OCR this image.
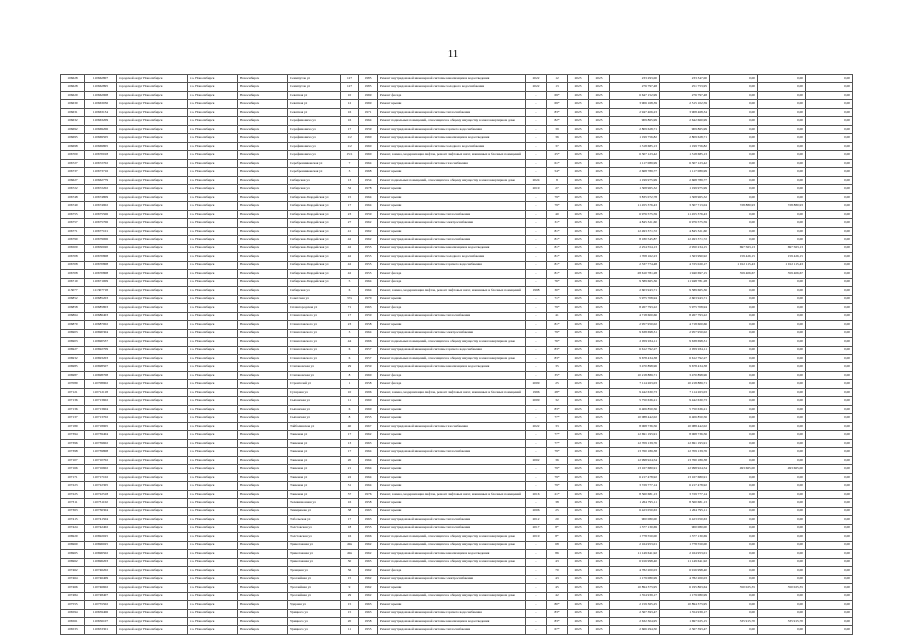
11
106628	110662807	городской округ Новосибирск	г.о. Новосибирск	Новосибирск	Семипутов ул	127	1985	Ремонт внутридомовой инженерной системы канализации и водоотведения	2022	12	2023	2025	233 293,00	233 347,00	0,00	0,00	0,00
106628	110662895	городской округ Новосибирск	г.о. Новосибирск	Новосибирск	Семипутов ул	127	1985	Ремонт внутридомовой инженерной системы холодного водоснабжения	2022	13	2023	2025	276 797,48	251 753,95	0,00	0,00	0,00
106629	110662908	городской округ Новосибирск	г.о. Новосибирск	Новосибирск	Севатная ул	10	1969	Ремонт фасада	-	69*	2023	2025	6 647 152,99	276 797,48	0,00	0,00	0,00
106630	110663036	городской округ Новосибирск	г.о. Новосибирск	Новосибирск	Севатная ул	12	1969	Ремонт крыши	-	69*	2023	2025	3 906 168,39	2 515 102,59	0,00	0,00	0,00
106631	110663134	городской округ Новосибирск	г.о. Новосибирск	Новосибирск	Севатная ул	16	1971	Ремонт внутридомовой инженерной системы теплоснабжения	-	83*	2023	2025	2 947 406,23	3 908 468,34	0,00	0,00	0,00
106632	110663209	городской округ Новосибирск	г.о. Новосибирск	Новосибирск	Серафимовича ул	16	1964	Ремонт подвальных помещений, относящихся к общему имуществу в многоквартирном доме	-	82*	2023	2025	909 865,99	2 642 660,99	0,00	0,00	0,00
106692	110669206	городской округ Новосибирск	г.о. Новосибирск	Новосибирск	Серафимовича ул	17	1959	Ремонт внутридомовой инженерной системы горячего водоснабжения	-	39	2023	2025	2 809 628,71	909 865,99	0,00	0,00	0,00
106695	110669505	городской округ Новосибирск	г.о. Новосибирск	Новосибирск	Серафимовича ул	1/2	1960	Ремонт внутридомовой инженерной системы канализации и водоотведения	-	36	2023	2025	1 199 756,82	2 809 628,71	0,00	0,00	0,00
106698	110669805	городской округ Новосибирск	г.о. Новосибирск	Новосибирск	Серафимовича ул	1/2	1960	Ремонт внутридомовой инженерной системы холодного водоснабжения	-	37	2023	2025	1 318 685,13	1 199 756,82	0,00	0,00	0,00
106700	110670018	городской округ Новосибирск	г.о. Новосибирск	Новосибирск	Серафимовича ул	15/1	1960	Ремонт, замена, модернизация лифтов, ремонт лифтовых шахт, машинных и блочных помещений	-	25*	2023	2025	6 307 123,42	1 318 685,13	0,00	0,00	0,00
106727	110672702	городской округ Новосибирск	г.о. Новосибирск	Новосибирск	Серебренниковская ул	7	1964	Ремонт внутридомовой инженерной системы газоснабжения	-	61*	2023	2025	1 117 089,99	6 307 123,42	0,00	0,00	0,00
106737	110673716	городской округ Новосибирск	г.о. Новосибирск	Новосибирск	Серебренниковская ул	3	1968	Ремонт крыши	-	54*	2023	2025	2 668 789,77	1 117 089,99	0,00	0,00	0,00
106627	110662779	городской округ Новосибирск	г.о. Новосибирск	Новосибирск	Сибирская ул	13	1954	Ремонт подвальных помещений, относящихся к общему имуществу в многоквартирном доме	2024	8	2023	2025	1 199 975,99	2 668 789,77	0,00	0,00	0,00
106722	110672202	городской округ Новосибирск	г.о. Новосибирск	Новосибирск	Сибирская ул	32	1978	Ремонт крыши	2019	27	2023	2025	1 308 965,32	1 199 975,99	0,00	0,00	0,00
106748	110674809	городской округ Новосибирск	г.о. Новосибирск	Новосибирск	Сибирская-Гвардейская ул	15	1964	Ремонт крыши	-	79*	2023	2025	3 835 072,78	1 308 965,32	0,00	0,00	0,00
106749	110674902	городской округ Новосибирск	г.о. Новосибирск	Новосибирск	Сибирская-Гвардейская ул	17	1964	Ремонт крыши	-	79*	2023	2025	11 455 376,43	3 307 713,04	728 880,93	728 880,93	0,00
106755	110675506	городской округ Новосибирск	г.о. Новосибирск	Новосибирск	Сибирская-Гвардейская ул	23	1959	Ремонт внутридомовой инженерной системы теплоснабжения	-	40	2023	2025	6 976 575,59	11 455 376,43	0,00	0,00	0,00
106757	110675706	городской округ Новосибирск	г.о. Новосибирск	Новосибирск	Сибирская-Гвардейская ул	27	1962	Ремонт внутридомовой инженерной системы электроснабжения	-	31*	2023	2025	4 845 321,60	6 976 575,59	0,00	0,00	0,00
106771	110677101	городской округ Новосибирск	г.о. Новосибирск	Новосибирск	Сибирская-Гвардейская ул	41	1962	Ремонт крыши	-	81*	2023	2025	12 493 371,72	4 845 321,60	0,00	0,00	0,00
106790	110679006	городской округ Новосибирск	г.о. Новосибирск	Новосибирск	Сибирская-Гвардейская ул	42	1962	Ремонт внутридомовой инженерной системы теплоснабжения	-	81*	2023	2025	8 180 545,87	12 493 371,72	0,00	0,00	0,00
106500	110650020	городской округ Новосибирск	г.о. Новосибирск	Новосибирск	Сибирская-Гвардейская ул	42	1955	Ремонт внутридомовой инженерной системы канализации и водоотведения	-	81*	2023	2025	2 254 554,13	2 950 234,15	697 563,13	697 563,13	0,00
106708	110670808	городской округ Новосибирск	г.о. Новосибирск	Новосибирск	Сибирская-Гвардейская ул	42	1955	Ремонт внутридомовой инженерной системы холодного водоснабжения	-	81*	2023	2025	1 708 162,23	1 563 990,92	159 426,15	159 426,15	0,00
106708	110670808	городской округ Новосибирск	г.о. Новосибирск	Новосибирск	Сибирская-Гвардейская ул	42	1955	Ремонт внутридомовой инженерной системы горячего водоснабжения	-	81*	2023	2025	2 337 774,48	4 725 020,17	1 012 115,43	1 012 115,43	0,00
106708	110670808	городской округ Новосибирск	г.о. Новосибирск	Новосибирск	Сибирская-Гвардейская ул	42	1955	Ремонт фасада	-	81*	2023	2025	28 610 781,28	1 940 697,15	359 406,67	359 406,67	0,00
106710	110671009	городской округ Новосибирск	г.о. Новосибирск	Новосибирск	Сибирская-Гвардейская ул	5	1964	Ремонт фасада	-	76*	2023	2025	9 589 665,36	11 948 781,28	0,00	0,00	0,00
113077	111307718	городской округ Новосибирск	г.о. Новосибирск	Новосибирск	Сибирская ул	6	1964	Ремонт, замена, модернизация лифтов, ремонт лифтовых шахт, машинных и блочных помещений	1998	30*	2023	2025	2 603 943,71	9 589 665,36	0,00	0,00	0,00
106852	110685203	городской округ Новосибирск	г.о. Новосибирск	Новосибирск	Советская ул	37а	1970	Ремонт крыши	-	71*	2023	2025	5 975 708,94	2 603 943,71	0,00	0,00	0,00
106858	110685803	городской округ Новосибирск	г.о. Новосибирск	Новосибирск	Сплавгородская ул	71	1963	Ремонт фасада	-	79*	2023	2025	8 267 793,22	5 975 708,94	0,00	0,00	0,00
106864	110686403	городской округ Новосибирск	г.о. Новосибирск	Новосибирск	Станиславского ул	17	1959	Ремонт внутридомовой инженерной системы теплоснабжения	-	41	2023	2025	4 718 600,66	8 267 793,22	0,00	0,00	0,00
106870	110687002	городской округ Новосибирск	г.о. Новосибирск	Новосибирск	Станиславского ул	23	1958	Ремонт крыши	-	81*	2023	2025	2 957 950,02	4 718 600,66	0,00	0,00	0,00
106903	110690304	городской округ Новосибирск	г.о. Новосибирск	Новосибирск	Станиславского ул	3	1964	Ремонт внутридомовой инженерной системы электроснабжения	-	79*	2023	2025	9 638 698,31	2 957 950,02	0,00	0,00	0,00
106903	110690537	городской округ Новосибирск	г.о. Новосибирск	Новосибирск	Станиславского ул	44	1966	Ремонт подвальных помещений, относящихся к общему имуществу в многоквартирном доме	-	76*	2023	2025	2 059 934,11	9 638 698,31	0,00	0,00	0,00
106927	110692709	городской округ Новосибирск	г.о. Новосибирск	Новосибирск	Станиславского ул	6	1957	Ремонт внутридомовой инженерной системы горячего водоснабжения	-	83*	2023	2025	6 612 792,27	2 059 934,11	0,00	0,00	0,00
106932	110693203	городской округ Новосибирск	г.о. Новосибирск	Новосибирск	Станиславского ул	6	1957	Ремонт подвальных помещений, относящихся к общему имуществу в многоквартирном доме	-	83*	2023	2025	9 678 434,38	6 612 792,27	0,00	0,00	0,00
106985	110698507	городской округ Новосибирск	г.о. Новосибирск	Новосибирск	Степановская ул	29	1959	Ремонт внутридомовой инженерной системы канализации и водоотведения	-	35	2023	2025	3 470 898,96	9 678 434,38	0,00	0,00	0,00
106987	110698708	городской округ Новосибирск	г.о. Новосибирск	Новосибирск	Степановская ул	8	1960	Ремонт фасада	-	35*	2023	2025	10 218 886,71	3 470 898,96	0,00	0,00	0,00
107089	110708902	городской округ Новосибирск	г.о. Новосибирск	Новосибирск	Строителей ул	1	1958	Ремонт фасада	2009	25	2023	2025	7 114 263,03	10 218 886,71	0,00	0,00	0,00
107121	110712118	городской округ Новосибирск	г.о. Новосибирск	Новосибирск	Сухарная ул	10	1996	Ремонт, замена, модернизация лифтов, ремонт лифтовых шахт, машинных и блочных помещений	1996	28*	2023	2025	9 442 630,73	7 114 263,03	0,00	0,00	0,00
107136	110713602	городской округ Новосибирск	г.о. Новосибирск	Новосибирск	Сыпанская ул	11	1960	Ремонт крыши	2009	32	2023	2025	5 750 636,21	9 442 630,73	0,00	0,00	0,00
107136	110713604	городской округ Новосибирск	г.о. Новосибирск	Новосибирск	Сыпанская ул	6	1960	Ремонт крыши	-	83*	2023	2025	6 406 850,56	5 750 636,21	0,00	0,00	0,00
107137	110713702	городской округ Новосибирск	г.о. Новосибирск	Новосибирск	Сыпанская ул	8	1955	Ремонт крыши	-	77*	2023	2025	10 088 442,02	6 406 850,56	0,00	0,00	0,00
107189	110718905	городской округ Новосибирск	г.о. Новосибирск	Новосибирск	Тайбалинская ул	40	1967	Ремонт внутридомовой инженерной системы газоснабжения	2022	33	2023	2025	8 068 736,56	10 088 442,02	0,00	0,00	0,00
107394	110739404	городской округ Новосибирск	г.о. Новосибирск	Новосибирск	Танковая ул	17	1962	Ремонт крыши	-	77*	2023	2025	12 691 195,91	8 068 736,56	0,00	0,00	0,00
107396	110739602	городской округ Новосибирск	г.о. Новосибирск	Новосибирск	Танковая ул	13	1963	Ремонт крыши	-	77*	2023	2025	12 709 139,76	12 691 195,91	0,00	0,00	0,00
107398	110739808	городской округ Новосибирск	г.о. Новосибирск	Новосибирск	Танковая ул	17	1964	Ремонт внутридомовой инженерной системы теплоснабжения	-	79*	2023	2025	13 760 186,38	12 709 139,76	0,00	0,00	0,00
107107	110710702	городской округ Новосибирск	г.о. Новосибирск	Новосибирск	Танковая ул	20	1964	Ремонт крыши	2002	36	2023	2025	12 998 924,54	13 760 186,38	0,00	0,00	0,00
107166	110716602	городской округ Новосибирск	г.о. Новосибирск	Новосибирск	Танковая ул	21	1964	Ремонт крыши	-	79*	2023	2025	13 167 680,91	12 998 924,54	493 665,00	493 665,00	0,00
107171	110717102	городской округ Новосибирск	г.о. Новосибирск	Новосибирск	Танковая ул	22	1964	Ремонт крыши	-	79*	2023	2025	6 217 478,92	13 167 680,91	0,00	0,00	0,00
107223	110722305	городской округ Новосибирск	г.о. Новосибирск	Новосибирск	Танковая ул	31	1964	Ремонт крыши	-	79*	2023	2025	3 729 777,14	6 217 478,92	0,00	0,00	0,00
107225	110722518	городской округ Новосибирск	г.о. Новосибирск	Новосибирск	Танковая ул	37	1976	Ремонт, замена, модернизация лифтов, ремонт лифтовых шахт, машинных и блочных помещений	2016	21*	2023	2025	8 560 681,13	3 729 777,14	0,00	0,00	0,00
107311	110731102	городской округ Новосибирск	г.о. Новосибирск	Новосибирск	Телевизионная ул	16	1958	Ремонт крыши	-	38	2023	2025	1 264 795,11	8 560 681,13	0,00	0,00	0,00
107363	110736304	городской округ Новосибирск	г.о. Новосибирск	Новосибирск	Тимирязева ул	38	1963	Ремонт крыши	2006	25	2023	2025	6 423 050,63	1 264 795,11	0,00	0,00	0,00
107415	110741504	городской округ Новосибирск	г.о. Новосибирск	Новосибирск	Тобольская ул	17	1963	Ремонт внутридомовой инженерной системы теплоснабжения	2012	20	2023	2025	900 080,00	6 423 050,63	0,00	0,00	0,00
107424	110742402	городской округ Новосибирск	г.о. Новосибирск	Новосибирск	Толстовская ул	18	1955	Ремонт внутридомовой инженерной системы теплоснабжения	2017	8*	2023	2025	1 377 130,69	900 080,00	0,00	0,00	0,00
106920	110692025	городской округ Новосибирск	г.о. Новосибирск	Новосибирск	Толстовская ул	16	1966	Ремонт подвальных помещений, относящихся к общему имуществу в многоквартирном доме	2019	8*	2023	2025	1 778 550,00	1 377 130,69	0,00	0,00	0,00
106960	110696025	городской округ Новосибирск	г.о. Новосибирск	Новосибирск	Трикотажная ул	49а	1962	Ремонт подвальных помещений, относящихся к общему имуществу в многоквартирном доме	-	68	2023	2025	2 164 953,01	1 778 550,00	0,00	0,00	0,00
106965	110696502	городской округ Новосибирск	г.о. Новосибирск	Новосибирск	Трикотажная ул	49а	1962	Ремонт внутридомовой инженерной системы канализации и водоотведения	-	86	2023	2025	11 149 641,92	2 164 953,01	0,00	0,00	0,00
106962	110696203	городской округ Новосибирск	г.о. Новосибирск	Новосибирск	Трикотажная ул	50	1965	Ремонт подвальных помещений, относящихся к общему имуществу в многоквартирном доме	-	43	2023	2025	6 916 998,40	11 149 641,92	0,00	0,00	0,00
107462	110746202	городской округ Новосибирск	г.о. Новосибирск	Новосибирск	Троицкая ул	56	1962	Ремонт фасада	-	70	2023	2025	4 782 200,03	6 916 998,40	0,00	0,00	0,00
107464	110746409	городской округ Новосибирск	г.о. Новосибирск	Новосибирск	Троллейная ул	15	1962	Ремонт внутридомовой инженерной системы электроснабжения	-	43	2023	2025	1 179 080,99	4 782 200,03	0,00	0,00	0,00
107466	110746602	городской округ Новосибирск	г.о. Новосибирск	Новосибирск	Троллейная ул	9	1962	Ремонт крыши	-	45	2023	2025	10 894 375,95	6 195 863,64	350 025,35	350 025,35	0,00
107484	110748407	городской округ Новосибирск	г.о. Новосибирск	Новосибирск	Троллейная ул	29	1962	Ремонт подвальных помещений, относящихся к общему имуществу в многоквартирном доме	-	42	2023	2025	1 354 939,17	1 179 080,99	0,00	0,00	0,00
107555	110755502	городской округ Новосибирск	г.о. Новосибирск	Новосибирск	Ударная ул	15	1963	Ремонт крыши	-	80*	2023	2025	2 159 365,25	10 894 375,95	0,00	0,00	0,00
106594	110659406	городской округ Новосибирск	г.о. Новосибирск	Новосибирск	Урицкого ул	15	1963	Ремонт внутридомовой инженерной системы горячего водоснабжения	-	83*	2023	2025	2 367 393,47	1 354 939,17	0,00	0,00	0,00
106561	110656107	городской округ Новосибирск	г.о. Новосибирск	Новосибирск	Урицкого ул	20	1958	Ремонт внутридомовой инженерной системы канализации и водоотведения	-	83*	2023	2025	2 632 304,95	1 697 025,15	335 915,70	335 915,70	0,00
106533	110653301	городской округ Новосибирск	г.о. Новосибирск	Новосибирск	Урицкого ул	11	1955	Ремонт внутридомовой инженерной системы теплоснабжения	-	67*	2023	2025	2 666 294,50	2 367 393,47	0,00	0,00	0,00
